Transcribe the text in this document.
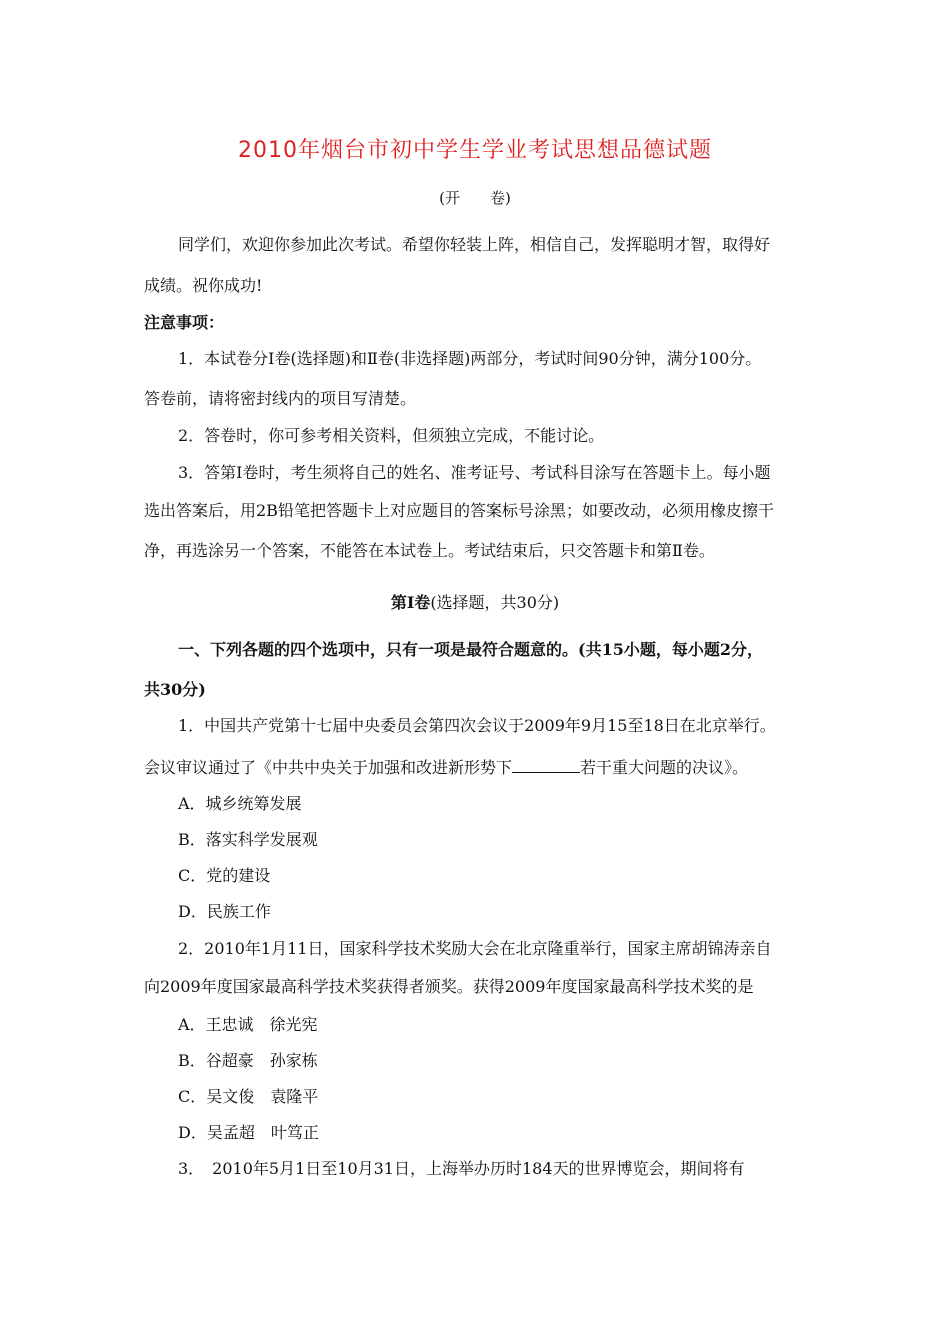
2010年烟台市初中学生学业考试思想品德试题
(开　　卷)
同学们，欢迎你参加此次考试。希望你轻装上阵，相信自己，发挥聪明才智，取得好
成绩。祝你成功!
注意事项：
1．本试卷分Ⅰ卷(选择题)和Ⅱ卷(非选择题)两部分，考试时间90分钟，满分100分。
答卷前，请将密封线内的项目写清楚。
2．答卷时，你可参考相关资料，但须独立完成，不能讨论。
3．答第Ⅰ卷时，考生须将自己的姓名、准考证号、考试科目涂写在答题卡上。每小题
选出答案后，用2B铅笔把答题卡上对应题目的答案标号涂黑；如要改动，必须用橡皮擦干
净，再选涂另一个答案，不能答在本试卷上。考试结束后，只交答题卡和第Ⅱ卷。
第Ⅰ卷(选择题，共30分)
一、下列各题的四个选项中，只有一项是最符合题意的。(共15小题，每小题2分，
共30分)
1．中国共产党第十七届中央委员会第四次会议于2009年9月15至18日在北京举行。
会议审议通过了《中共中央关于加强和改进新形势下	若干重大问题的决议》。
A．城乡统筹发展
B．落实科学发展观
C．党的建设
D．民族工作
2．2010年1月11日，国家科学技术奖励大会在北京隆重举行，国家主席胡锦涛亲自
向2009年度国家最高科学技术奖获得者颁奖。获得2009年度国家最高科学技术奖的是
A．王忠诚　徐光宪
B．谷超豪　孙家栋
C．吴文俊　袁隆平
D．吴孟超　叶笃正
3．　2010年5月1日至10月31日，上海举办历时184天的世界博览会，期间将有
